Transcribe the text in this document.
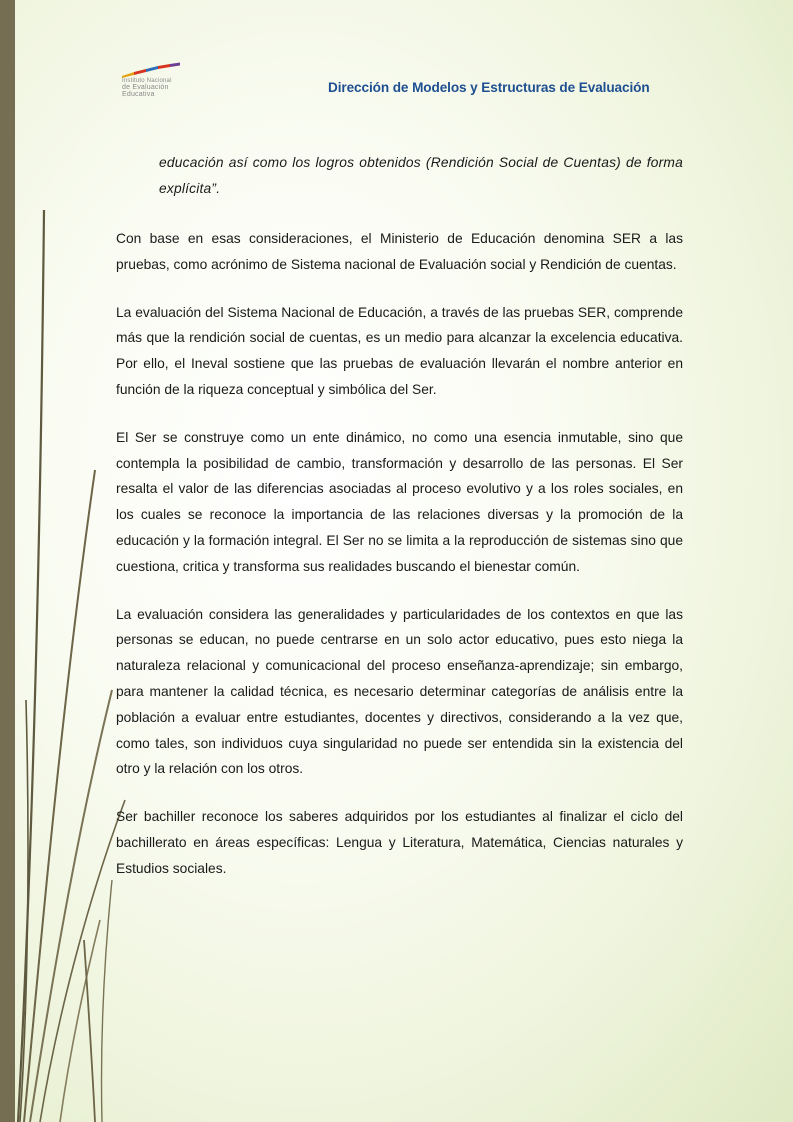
Instituto Nacional
de Evaluación
Educativa	Dirección de Modelos y Estructuras de Evaluación

educación así como los logros obtenidos (Rendición Social de Cuentas) de forma explícita”.

Con base en esas consideraciones, el Ministerio de Educación denomina SER a las pruebas, como acrónimo de Sistema nacional de Evaluación social y Rendición de cuentas.

La evaluación del Sistema Nacional de Educación, a través de las pruebas SER, comprende más que la rendición social de cuentas, es un medio para alcanzar la excelencia educativa. Por ello, el Ineval sostiene que las pruebas de evaluación llevarán el nombre anterior en función de la riqueza conceptual y simbólica del Ser.

El Ser se construye como un ente dinámico, no como una esencia inmutable, sino que contempla la posibilidad de cambio, transformación y desarrollo de las personas. El Ser resalta el valor de las diferencias asociadas al proceso evolutivo y a los roles sociales, en los cuales se reconoce la importancia de las relaciones diversas y la promoción de la educación y la formación integral. El Ser no se limita a la reproducción de sistemas sino que cuestiona, critica y transforma sus realidades buscando el bienestar común.

La evaluación considera las generalidades y particularidades de los contextos en que las personas se educan, no puede centrarse en un solo actor educativo, pues esto niega la naturaleza relacional y comunicacional del proceso enseñanza-aprendizaje; sin embargo, para mantener la calidad técnica, es necesario determinar categorías de análisis entre la población a evaluar entre estudiantes, docentes y directivos, considerando a la vez que, como tales, son individuos cuya singularidad no puede ser entendida sin la existencia del otro y la relación con los otros.

Ser bachiller reconoce los saberes adquiridos por los estudiantes al finalizar el ciclo del bachillerato en áreas específicas: Lengua y Literatura, Matemática, Ciencias naturales y Estudios sociales.
